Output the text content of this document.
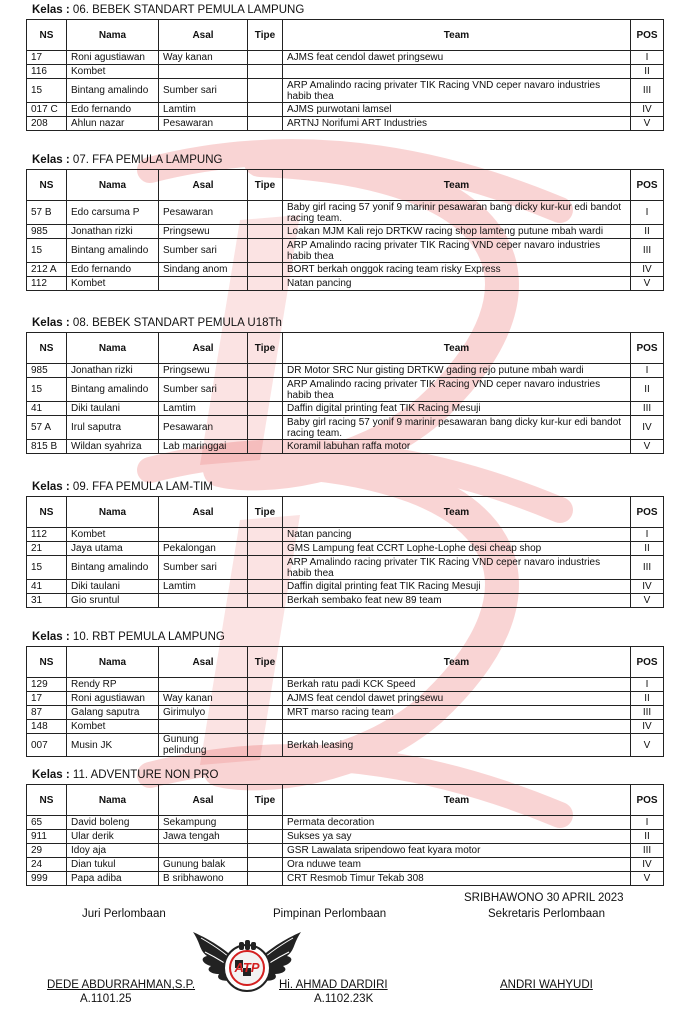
Kelas : 06. BEBEK STANDART PEMULA LAMPUNG
NS	Nama	Asal	Tipe	Team	POS
17	Roni agustiawan	Way kanan		AJMS feat cendol dawet pringsewu	I
116	Kombet				II
15	Bintang amalindo	Sumber sari		ARP Amalindo racing privater TIK Racing VND ceper navaro industries habib thea	III
017 C	Edo fernando	Lamtim		AJMS purwotani lamsel	IV
208	Ahlun nazar	Pesawaran		ARTNJ Norifumi ART Industries	V
Kelas : 07. FFA PEMULA LAMPUNG
NS	Nama	Asal	Tipe	Team	POS
57 B	Edo carsuma P	Pesawaran		Baby girl racing 57 yonif 9 marinir pesawaran bang dicky kur-kur edi bandot racing team.	I
985	Jonathan rizki	Pringsewu		Loakan MJM Kali rejo DRTKW racing shop lamteng putune mbah wardi	II
15	Bintang amalindo	Sumber sari		ARP Amalindo racing privater TIK Racing VND ceper navaro industries habib thea	III
212 A	Edo fernando	Sindang anom		BORT berkah onggok racing team risky Express	IV
112	Kombet			Natan pancing	V
Kelas : 08. BEBEK STANDART PEMULA U18Th
NS	Nama	Asal	Tipe	Team	POS
985	Jonathan rizki	Pringsewu		DR Motor SRC Nur gisting DRTKW gading rejo putune mbah wardi	I
15	Bintang amalindo	Sumber sari		ARP Amalindo racing privater TIK Racing VND ceper navaro industries habib thea	II
41	Diki taulani	Lamtim		Daffin digital printing feat TIK Racing Mesuji	III
57 A	Irul saputra	Pesawaran		Baby girl racing 57 yonif 9 marinir pesawaran bang dicky kur-kur edi bandot racing team.	IV
815 B	Wildan syahriza	Lab maringgai		Koramil labuhan raffa motor	V
Kelas : 09. FFA PEMULA LAM-TIM
NS	Nama	Asal	Tipe	Team	POS
112	Kombet			Natan pancing	I
21	Jaya utama	Pekalongan		GMS Lampung feat CCRT Lophe-Lophe desi cheap shop	II
15	Bintang amalindo	Sumber sari		ARP Amalindo racing privater TIK Racing VND ceper navaro industries habib thea	III
41	Diki taulani	Lamtim		Daffin digital printing feat TIK Racing Mesuji	IV
31	Gio sruntul			Berkah sembako feat new 89 team	V
Kelas : 10. RBT PEMULA LAMPUNG
NS	Nama	Asal	Tipe	Team	POS
129	Rendy RP			Berkah ratu padi KCK Speed	I
17	Roni agustiawan	Way kanan		AJMS feat cendol dawet pringsewu	II
87	Galang saputra	Girimulyo		MRT marso racing team	III
148	Kombet				IV
007	Musin JK	Gunung pelindung		Berkah leasing	V
Kelas : 11. ADVENTURE NON PRO
NS	Nama	Asal	Tipe	Team	POS
65	David boleng	Sekampung		Permata decoration	I
911	Ular derik	Jawa tengah		Sukses ya say	II
29	Idoy aja			GSR Lawalata sripendowo feat kyara motor	III
24	Dian tukul	Gunung balak		Ora nduwe team	IV
999	Papa adiba	B sribhawono		CRT Resmob Timur Tekab 308	V
SRIBHAWONO 30 APRIL 2023
Juri Perlombaan	Pimpinan Perlombaan	Sekretaris Perlombaan
ATP
DEDE ABDURRAHMAN,S.P.	Hi. AHMAD DARDIRI	ANDRI WAHYUDI
A.1101.25	A.1102.23K
